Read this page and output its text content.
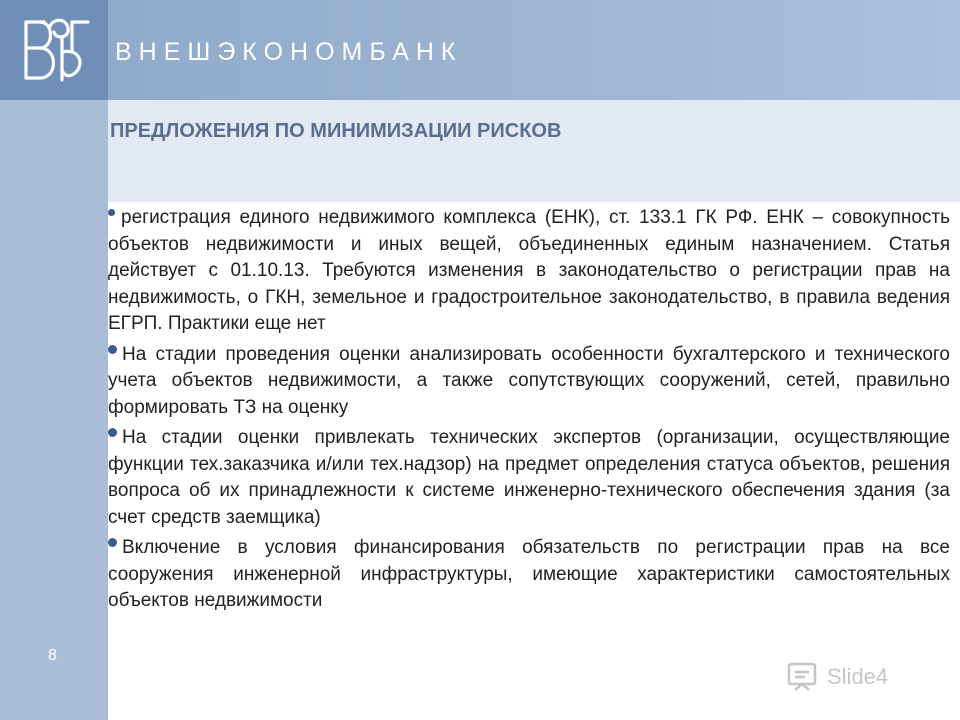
ВНЕШЭКОНОМБАНК
8
ПРЕДЛОЖЕНИЯ ПО МИНИМИЗАЦИИ РИСКОВ

регистрация единого недвижимого комплекса (ЕНК), ст. 133.1 ГК РФ. ЕНК – совокупность объектов недвижимости и иных вещей, объединенных единым назначением. Статья действует с 01.10.13. Требуются изменения в законодательство о регистрации прав на недвижимость, о ГКН, земельное и градостроительное законодательство, в правила ведения ЕГРП. Практики еще нет

На стадии проведения оценки анализировать особенности бухгалтерского и технического учета объектов недвижимости, а также сопутствующих сооружений, сетей, правильно формировать ТЗ на оценку

На стадии оценки привлекать технических экспертов (организации, осуществляющие функции тех.заказчика и/или тех.надзор) на предмет определения статуса объектов, решения вопроса об их принадлежности к системе инженерно-технического обеспечения здания (за счет средств заемщика)

Включение в условия финансирования обязательств по регистрации прав на все сооружения инженерной инфраструктуры, имеющие характеристики самостоятельных объектов недвижимости

Slide4
